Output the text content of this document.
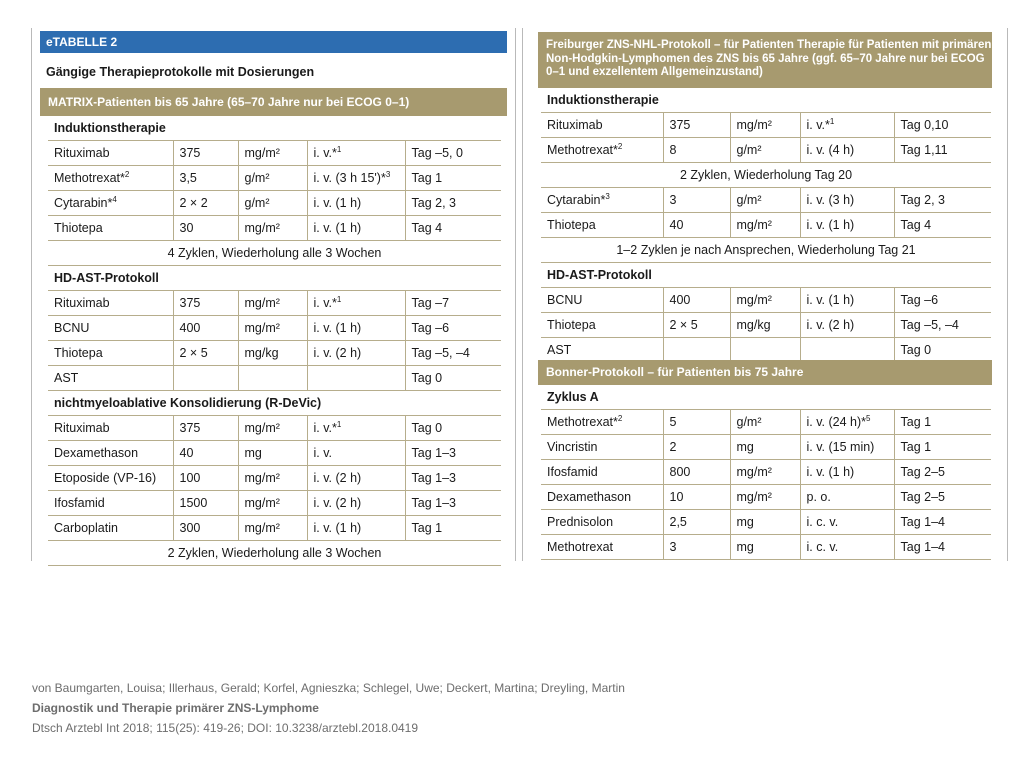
eTABELLE 2
Gängige Therapieprotokolle mit Dosierungen
MATRIX-Patienten bis 65 Jahre (65–70 Jahre nur bei ECOG 0–1)
Induktionstherapie				
Rituximab	375	mg/m²	i. v.*$^1$	Tag –5, 0
Methotrexat*$^2$	3,5	g/m²	i. v. (3 h 15')*$^3$	Tag 1
Cytarabin*$^4$	2 × 2	g/m²	i. v. (1 h)	Tag 2, 3
Thiotepa	30	mg/m²	i. v. (1 h)	Tag 4
4 Zyklen, Wiederholung alle 3 Wochen				
HD-AST-Protokoll				
Rituximab	375	mg/m²	i. v.*$^1$	Tag –7
BCNU	400	mg/m²	i. v. (1 h)	Tag –6
Thiotepa	2 × 5	mg/kg	i. v. (2 h)	Tag –5, –4
AST				Tag 0
nichtmyeloablative Konsolidierung (R-DeVic)				
Rituximab	375	mg/m²	i. v.*$^1$	Tag 0
Dexamethason	40	mg	i. v.	Tag 1–3
Etoposide (VP-16)	100	mg/m²	i. v. (2 h)	Tag 1–3
Ifosfamid	1500	mg/m²	i. v. (2 h)	Tag 1–3
Carboplatin	300	mg/m²	i. v. (1 h)	Tag 1
2 Zyklen, Wiederholung alle 3 Wochen				
Freiburger ZNS-NHL-Protokoll – für Patienten Therapie für Patienten mit primären Non-Hodgkin-Lymphomen des ZNS bis 65 Jahre (ggf. 65–70 Jahre nur bei ECOG 0–1 und exzellentem Allgemeinzustand)
Induktionstherapie				
Rituximab	375	mg/m²	i. v.*$^1$	Tag 0,10
Methotrexat*$^2$	8	g/m²	i. v. (4 h)	Tag 1,11
2 Zyklen, Wiederholung Tag 20				
Cytarabin*$^3$	3	g/m²	i. v. (3 h)	Tag 2, 3
Thiotepa	40	mg/m²	i. v. (1 h)	Tag 4
1–2 Zyklen je nach Ansprechen, Wiederholung Tag 21				
HD-AST-Protokoll				
BCNU	400	mg/m²	i. v. (1 h)	Tag –6
Thiotepa	2 × 5	mg/kg	i. v. (2 h)	Tag –5, –4
AST				Tag 0
Bonner-Protokoll – für Patienten bis 75 Jahre
Zyklus A				
Methotrexat*$^2$	5	g/m²	i. v. (24 h)*$^5$	Tag 1
Vincristin	2	mg	i. v. (15 min)	Tag 1
Ifosfamid	800	mg/m²	i. v. (1 h)	Tag 2–5
Dexamethason	10	mg/m²	p. o.	Tag 2–5
Prednisolon	2,5	mg	i. c. v.	Tag 1–4
Methotrexat	3	mg	i. c. v.	Tag 1–4
von Baumgarten, Louisa; Illerhaus, Gerald; Korfel, Agnieszka; Schlegel, Uwe; Deckert, Martina; Dreyling, Martin
Diagnostik und Therapie primärer ZNS-Lymphome
Dtsch Arztebl Int 2018; 115(25): 419-26; DOI: 10.3238/arztebl.2018.0419
